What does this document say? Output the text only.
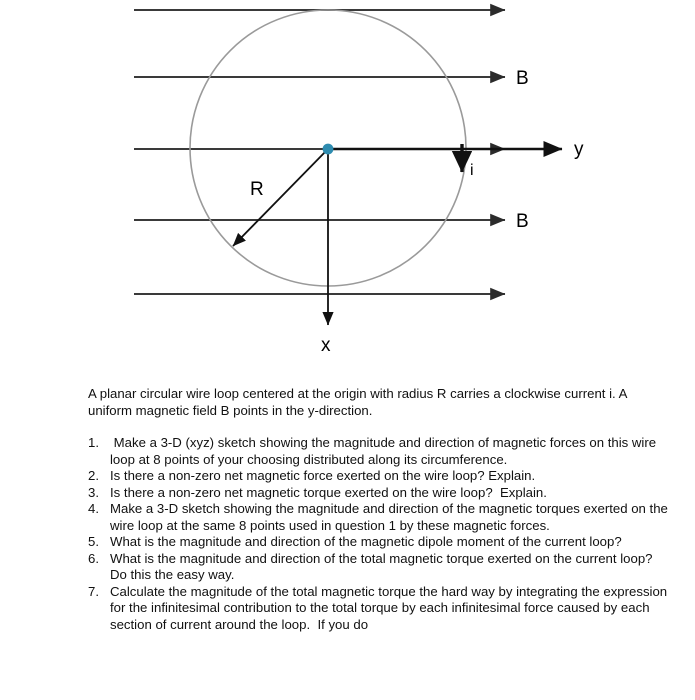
B
B
y
x
i
R

A planar circular wire loop centered at the origin with radius R carries a clockwise current i. A uniform magnetic field B points in the y-direction.

1. Make a 3-D (xyz) sketch showing the magnitude and direction of magnetic forces on this wire loop at 8 points of your choosing distributed along its circumference.
2. Is there a non-zero net magnetic force exerted on the wire loop? Explain.
3. Is there a non-zero net magnetic torque exerted on the wire loop?  Explain.
4. Make a 3-D sketch showing the magnitude and direction of the magnetic torques exerted on the wire loop at the same 8 points used in question 1 by these magnetic forces.
5. What is the magnitude and direction of the magnetic dipole moment of the current loop?
6. What is the magnitude and direction of the total magnetic torque exerted on the current loop?  Do this the easy way.
7. Calculate the magnitude of the total magnetic torque the hard way by integrating the expression for the infinitesimal contribution to the total torque by each infinitesimal force caused by each section of current around the loop.  If you do
